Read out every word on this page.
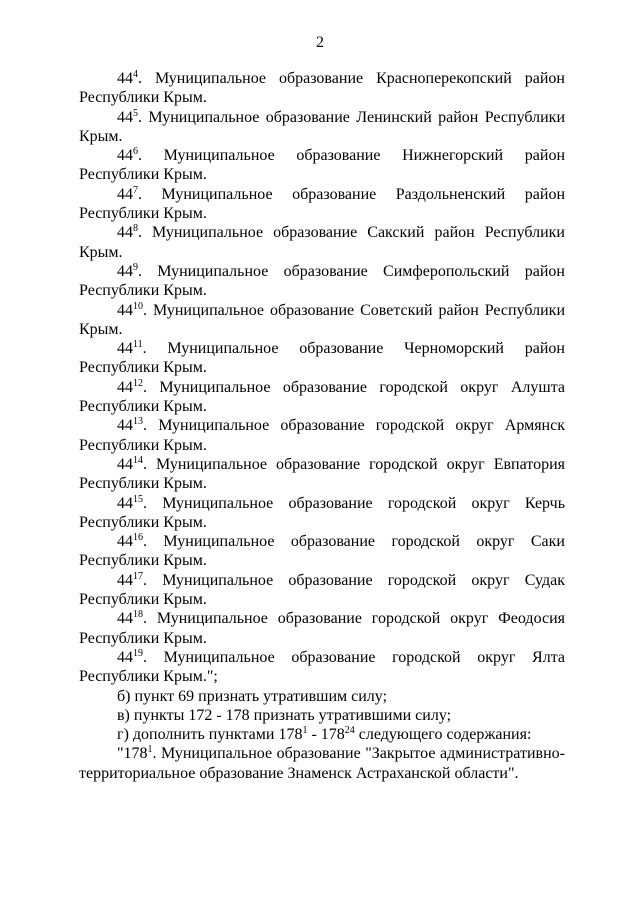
2

$44^4$. Муниципальное образование Красноперекопский район Республики Крым.

$44^5$. Муниципальное образование Ленинский район Республики Крым.

$44^6$. Муниципальное образование Нижнегорский район Республики Крым.

$44^7$. Муниципальное образование Раздольненский район Республики Крым.

$44^8$. Муниципальное образование Сакский район Республики Крым.

$44^9$. Муниципальное образование Симферопольский район Республики Крым.

$44^{10}$. Муниципальное образование Советский район Республики Крым.

$44^{11}$. Муниципальное образование Черноморский район Республики Крым.

$44^{12}$. Муниципальное образование городской округ Алушта Республики Крым.

$44^{13}$. Муниципальное образование городской округ Армянск Республики Крым.

$44^{14}$. Муниципальное образование городской округ Евпатория Республики Крым.

$44^{15}$. Муниципальное образование городской округ Керчь Республики Крым.

$44^{16}$. Муниципальное образование городской округ Саки Республики Крым.

$44^{17}$. Муниципальное образование городской округ Судак Республики Крым.

$44^{18}$. Муниципальное образование городской округ Феодосия Республики Крым.

$44^{19}$. Муниципальное образование городской округ Ялта Республики Крым.";

б) пункт 69 признать утратившим силу;

в) пункты 172 - 178 признать утратившими силу;

г) дополнить пунктами $178^1 - 178^{24}$ следующего содержания:

"$178^1$. Муниципальное образование "Закрытое административно-территориальное образование Знаменск Астраханской области".
